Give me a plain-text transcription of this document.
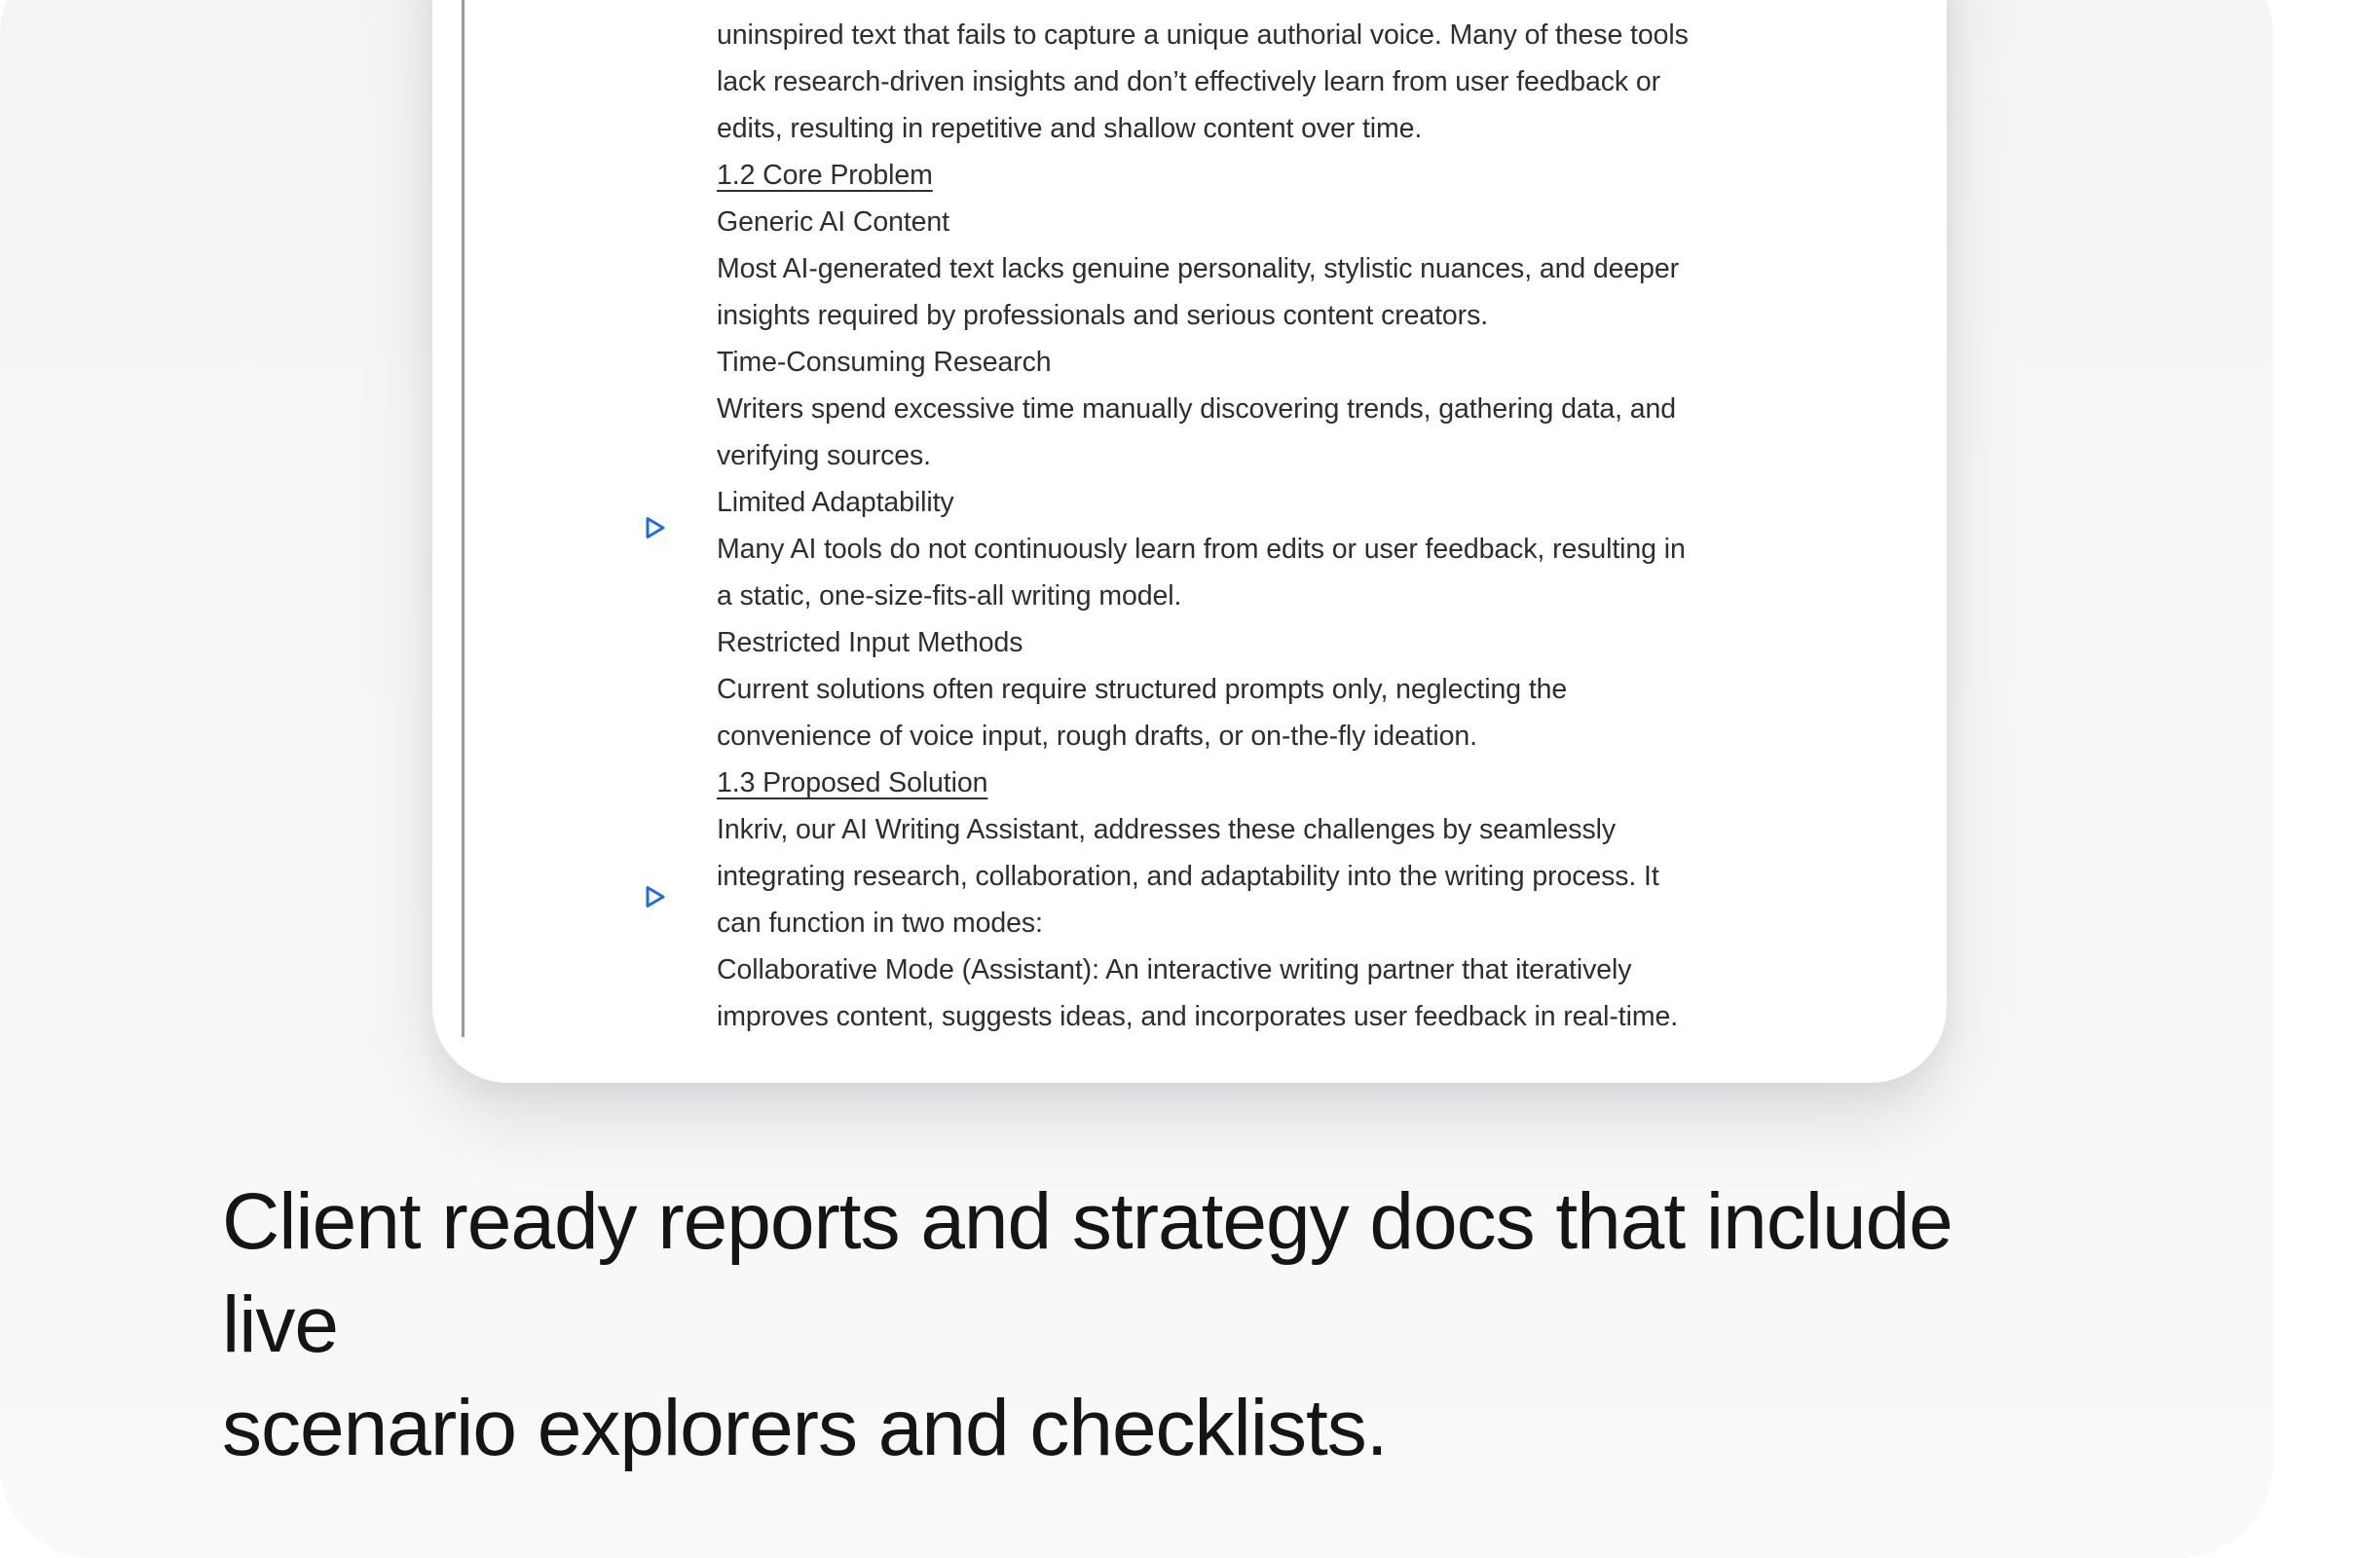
uninspired text that fails to capture a unique authorial voice. Many of these tools
lack research-driven insights and don’t effectively learn from user feedback or
edits, resulting in repetitive and shallow content over time.
1.2 Core Problem
Generic AI Content
Most AI-generated text lacks genuine personality, stylistic nuances, and deeper
insights required by professionals and serious content creators.
Time-Consuming Research
Writers spend excessive time manually discovering trends, gathering data, and
verifying sources.
Limited Adaptability
Many AI tools do not continuously learn from edits or user feedback, resulting in
a static, one-size-fits-all writing model.
Restricted Input Methods
Current solutions often require structured prompts only, neglecting the
convenience of voice input, rough drafts, or on-the-fly ideation.
1.3 Proposed Solution
Inkriv, our AI Writing Assistant, addresses these challenges by seamlessly
integrating research, collaboration, and adaptability into the writing process. It
can function in two modes:
Collaborative Mode (Assistant): An interactive writing partner that iteratively
improves content, suggests ideas, and incorporates user feedback in real-time.
Client ready reports and strategy docs that include live
scenario explorers and checklists.
